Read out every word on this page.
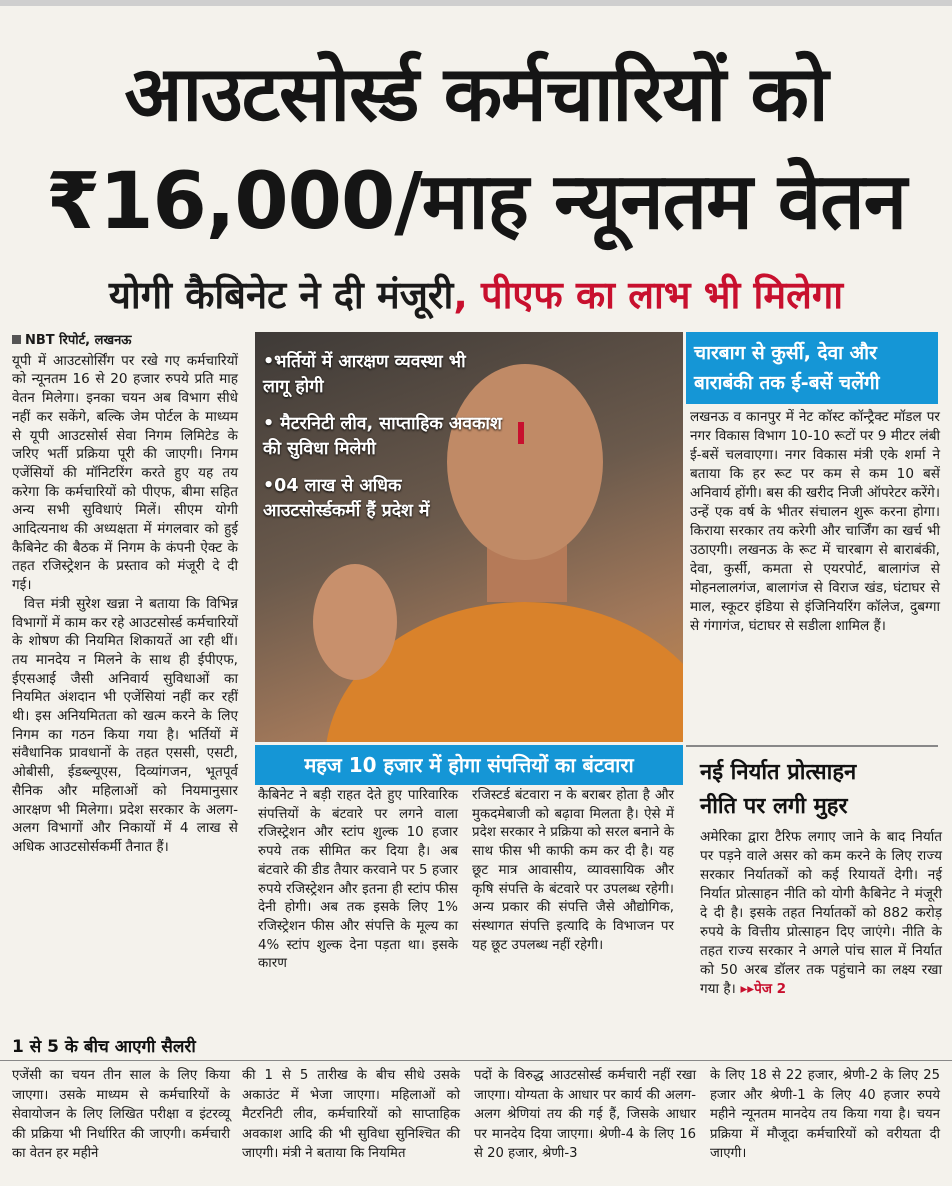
आउटसोर्स्ड कर्मचारियों को
₹16,000/माह न्यूनतम वेतन
योगी कैबिनेट ने दी मंजूरी, पीएफ का लाभ भी मिलेगा
NBT रिपोर्ट, लखनऊ

यूपी में आउटसोर्सिंग पर रखे गए कर्मचारियों को न्यूनतम 16 से 20 हजार रुपये प्रति माह वेतन मिलेगा। इनका चयन अब विभाग सीधे नहीं कर सकेंगे, बल्कि जेम पोर्टल के माध्यम से यूपी आउटसोर्स सेवा निगम लिमिटेड के जरिए भर्ती प्रक्रिया पूरी की जाएगी। निगम एजेंसियों की मॉनिटरिंग करते हुए यह तय करेगा कि कर्मचारियों को पीएफ, बीमा सहित अन्य सभी सुविधाएं मिलें। सीएम योगी आदित्यनाथ की अध्यक्षता में मंगलवार को हुई कैबिनेट की बैठक में निगम के कंपनी ऐक्ट के तहत रजिस्ट्रेशन के प्रस्ताव को मंजूरी दे दी गई।

वित्त मंत्री सुरेश खन्ना ने बताया कि विभिन्न विभागों में काम कर रहे आउटसोर्स्ड कर्मचारियों के शोषण की नियमित शिकायतें आ रही थीं। तय मानदेय न मिलने के साथ ही ईपीएफ, ईएसआई जैसी अनिवार्य सुविधाओं का नियमित अंशदान भी एजेंसियां नहीं कर रहीं थी। इस अनियमितता को खत्म करने के लिए निगम का गठन किया गया है। भर्तियों में संवैधानिक प्रावधानों के तहत एससी, एसटी, ओबीसी, ईडब्ल्यूएस, दिव्यांगजन, भूतपूर्व सैनिक और महिलाओं को नियमानुसार आरक्षण भी मिलेगा। प्रदेश सरकार के अलग-अलग विभागों और निकायों में 4 लाख से अधिक आउटसोर्सकर्मी तैनात हैं।

•भर्तियों में आरक्षण व्यवस्था भी लागू होगी
• मैटरनिटी लीव, साप्ताहिक अवकाश की सुविधा मिलेगी
•04 लाख से अधिक आउटसोर्स्डकर्मी हैं प्रदेश में
चारबाग से कुर्सी, देवा और
बाराबंकी तक ई-बसें चलेंगी
लखनऊ व कानपुर में नेट कॉस्ट कॉन्ट्रैक्ट मॉडल पर नगर विकास विभाग 10-10 रूटों पर 9 मीटर लंबी ई-बसें चलवाएगा। नगर विकास मंत्री एके शर्मा ने बताया कि हर रूट पर कम से कम 10 बसें अनिवार्य होंगी। बस की खरीद निजी ऑपरेटर करेंगे। उन्हें एक वर्ष के भीतर संचालन शुरू करना होगा। किराया सरकार तय करेगी और चार्जिंग का खर्च भी उठाएगी। लखनऊ के रूट में चारबाग से बाराबंकी, देवा, कुर्सी, कमता से एयरपोर्ट, बालागंज से मोहनलालगंज, बालागंज से विराज खंड, घंटाघर से माल, स्कूटर इंडिया से इंजिनियरिंग कॉलेज, दुबग्गा से गंगागंज, घंटाघर से सडीला शामिल हैं।
महज 10 हजार में होगा संपत्तियों का बंटवारा
कैबिनेट ने बड़ी राहत देते हुए पारिवारिक संपत्तियों के बंटवारे पर लगने वाला रजिस्ट्रेशन और स्टांप शुल्क 10 हजार रुपये तक सीमित कर दिया है। अब बंटवारे की डीड तैयार करवाने पर 5 हजार रुपये रजिस्ट्रेशन और इतना ही स्टांप फीस देनी होगी। अब तक इसके लिए 1% रजिस्ट्रेशन फीस और संपत्ति के मूल्य का 4% स्टांप शुल्क देना पड़ता था। इसके कारण
रजिस्टर्ड बंटवारा न के बराबर होता है और मुकदमेबाजी को बढ़ावा मिलता है। ऐसे में प्रदेश सरकार ने प्रक्रिया को सरल बनाने के साथ फीस भी काफी कम कर दी है। यह छूट मात्र आवासीय, व्यावसायिक और कृषि संपत्ति के बंटवारे पर उपलब्ध रहेगी। अन्य प्रकार की संपत्ति जैसे औद्योगिक, संस्थागत संपत्ति इत्यादि के विभाजन पर यह छूट उपलब्ध नहीं रहेगी।
नई निर्यात प्रोत्साहन
नीति पर लगी मुहर
अमेरिका द्वारा टैरिफ लगाए जाने के बाद निर्यात पर पड़ने वाले असर को कम करने के लिए राज्य सरकार निर्यातकों को कई रियायतें देगी। नई निर्यात प्रोत्साहन नीति को योगी कैबिनेट ने मंजूरी दे दी है। इसके तहत निर्यातकों को 882 करोड़ रुपये के वित्तीय प्रोत्साहन दिए जाएंगे। नीति के तहत राज्य सरकार ने अगले पांच साल में निर्यात को 50 अरब डॉलर तक पहुंचाने का लक्ष्य रखा गया है। ▸▸पेज 2
1 से 5 के बीच आएगी सैलरी
एजेंसी का चयन तीन साल के लिए किया जाएगा। उसके माध्यम से कर्मचारियों के सेवायोजन के लिए लिखित परीक्षा व इंटरव्यू की प्रक्रिया भी निर्धारित की जाएगी। कर्मचारी का वेतन हर महीने
की 1 से 5 तारीख के बीच सीधे उसके अकाउंट में भेजा जाएगा। महिलाओं को मैटरनिटी लीव, कर्मचारियों को साप्ताहिक अवकाश आदि की भी सुविधा सुनिश्चित की जाएगी। मंत्री ने बताया कि नियमित
पदों के विरुद्ध आउटसोर्स्ड कर्मचारी नहीं रखा जाएगा। योग्यता के आधार पर कार्य की अलग-अलग श्रेणियां तय की गई हैं, जिसके आधार पर मानदेय दिया जाएगा। श्रेणी-4 के लिए 16 से 20 हजार, श्रेणी-3
के लिए 18 से 22 हजार, श्रेणी-2 के लिए 25 हजार और श्रेणी-1 के लिए 40 हजार रुपये महीने न्यूनतम मानदेय तय किया गया है। चयन प्रक्रिया में मौजूदा कर्मचारियों को वरीयता दी जाएगी।
